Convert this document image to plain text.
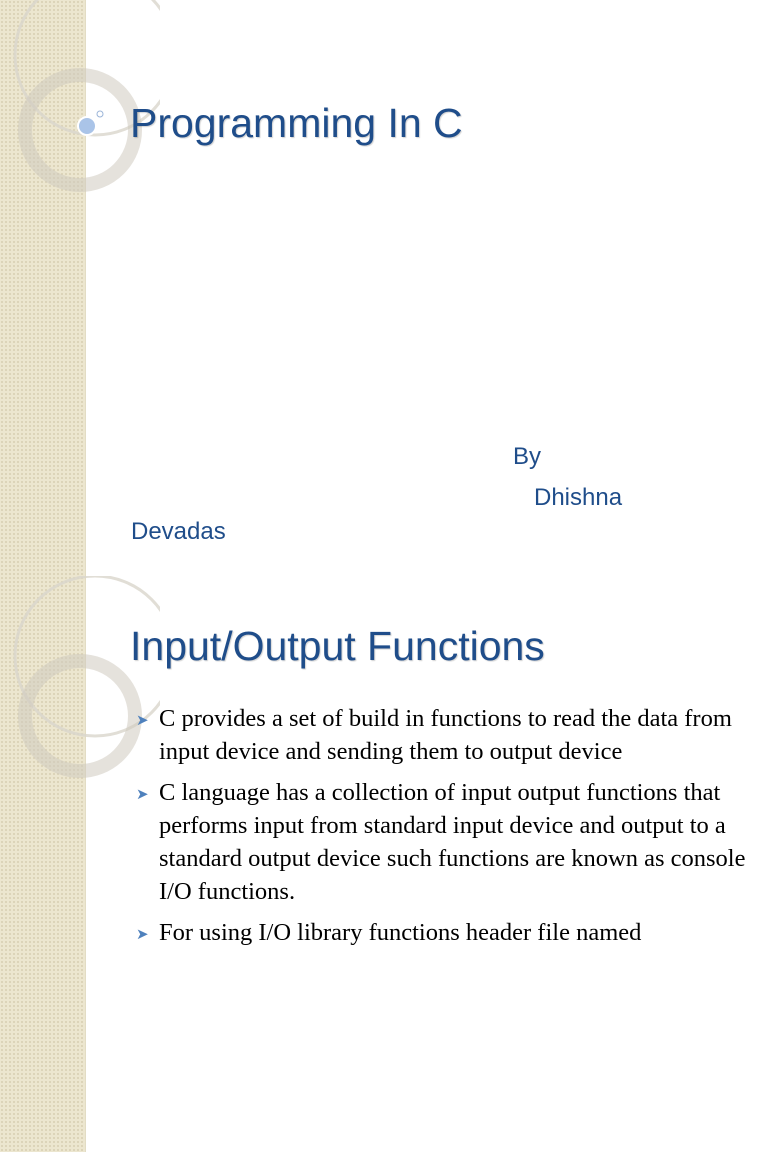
Programming In C
By
Dhishna
Devadas
Input/Output Functions
➤ C provides a set of build in functions to read the data from input device and sending them to output device
➤ C language has a collection of input output functions that performs input from standard input device and output to a standard output device such functions are known as console I/O functions.
➤ For using I/O library functions header file named
